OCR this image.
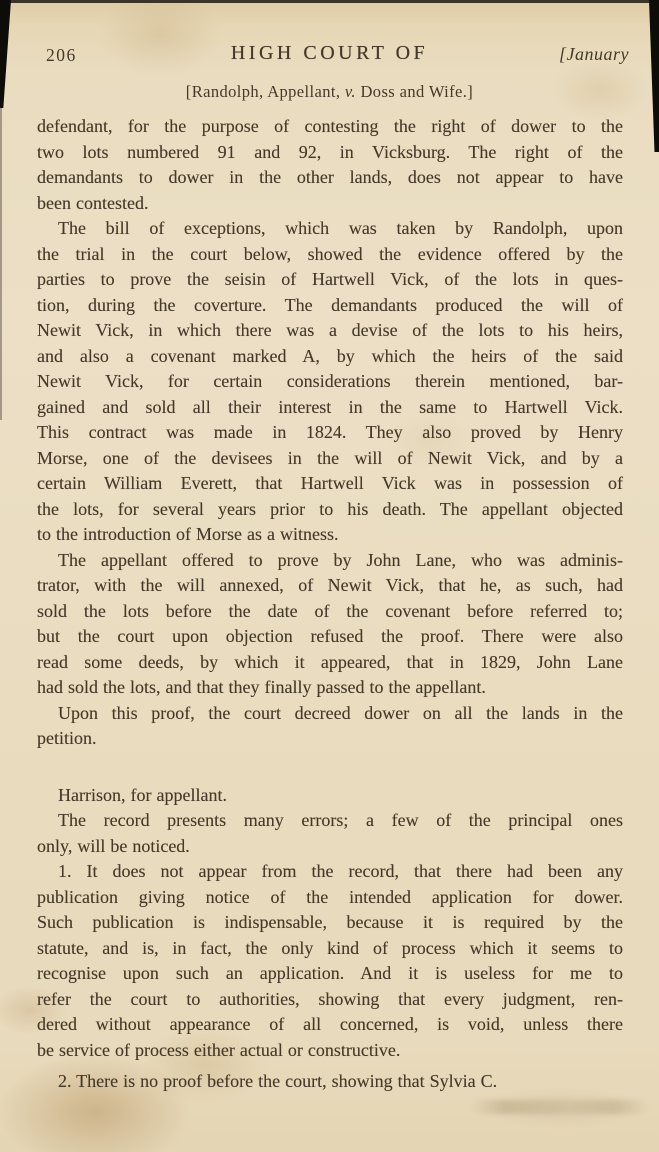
206	HIGH COURT OF	[January
[Randolph, Appellant, v. Doss and Wife.]
defendant, for the purpose of contesting the right of dower to the
two lots numbered 91 and 92, in Vicksburg. The right of the
demandants to dower in the other lands, does not appear to have
been contested.
The bill of exceptions, which was taken by Randolph, upon
the trial in the court below, showed the evidence offered by the
parties to prove the seisin of Hartwell Vick, of the lots in ques-
tion, during the coverture. The demandants produced the will of
Newit Vick, in which there was a devise of the lots to his heirs,
and also a covenant marked A, by which the heirs of the said
Newit Vick, for certain considerations therein mentioned, bar-
gained and sold all their interest in the same to Hartwell Vick.
This contract was made in 1824. They also proved by Henry
Morse, one of the devisees in the will of Newit Vick, and by a
certain William Everett, that Hartwell Vick was in possession of
the lots, for several years prior to his death. The appellant objected
to the introduction of Morse as a witness.
The appellant offered to prove by John Lane, who was adminis-
trator, with the will annexed, of Newit Vick, that he, as such, had
sold the lots before the date of the covenant before referred to;
but the court upon objection refused the proof. There were also
read some deeds, by which it appeared, that in 1829, John Lane
had sold the lots, and that they finally passed to the appellant.
Upon this proof, the court decreed dower on all the lands in the
petition.
Harrison, for appellant.
The record presents many errors; a few of the principal ones
only, will be noticed.
1. It does not appear from the record, that there had been any
publication giving notice of the intended application for dower.
Such publication is indispensable, because it is required by the
statute, and is, in fact, the only kind of process which it seems to
recognise upon such an application. And it is useless for me to
refer the court to authorities, showing that every judgment, ren-
dered without appearance of all concerned, is void, unless there
be service of process either actual or constructive.
2. There is no proof before the court, showing that Sylvia C.
